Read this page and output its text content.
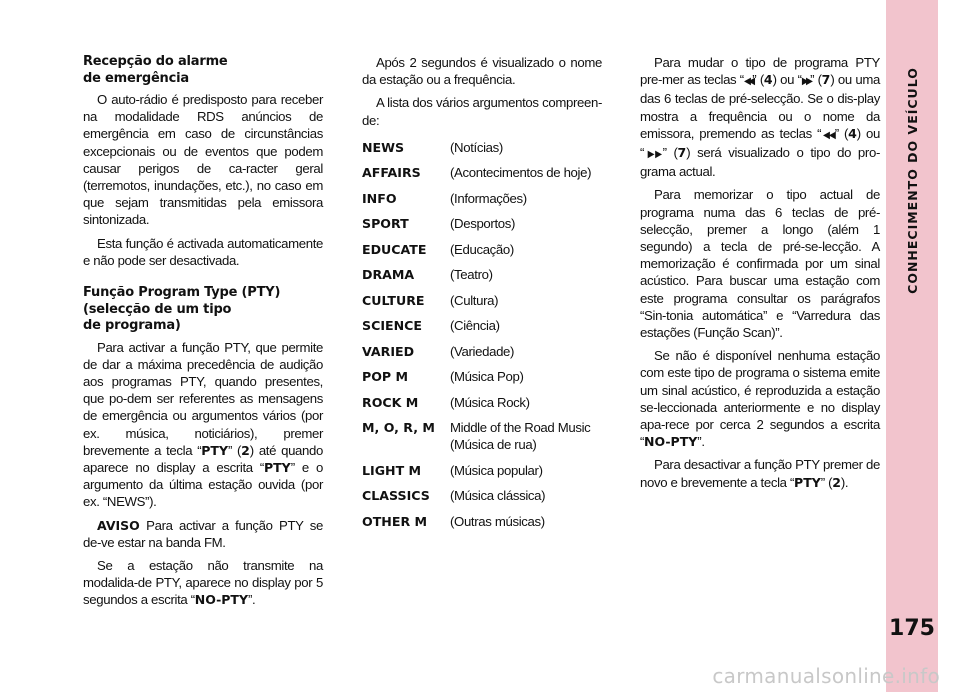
Recepção do alarme
de emergência

O auto-rádio é predisposto para receber na modalidade RDS anúncios de emergência em caso de circunstâncias excepcionais ou de eventos que podem causar perigos de ca-racter geral (terremotos, inundações, etc.), no caso em que sejam transmitidas pela emissora sintonizada.

Esta função é activada automaticamente e não pode ser desactivada.

Função Program Type (PTY)
(selecção de um tipo
de programa)

Para activar a função PTY, que permite de dar a máxima precedência de audição aos programas PTY, quando presentes, que po-dem ser referentes as mensagens de emergência ou argumentos vários (por ex. música, noticiários), premer brevemente a tecla “PTY” (2) até quando aparece no display a escrita “PTY” e o argumento da última estação ouvida (por ex. “NEWS”).

AVISO Para activar a função PTY se de-ve estar na banda FM.

Se a estação não transmite na modalida-de PTY, aparece no display por 5 segundos a escrita “NO-PTY”.

Após 2 segundos é visualizado o nome da estação ou a frequência.

A lista dos vários argumentos compreen-de:

NEWS	(Notícias)
AFFAIRS	(Acontecimentos de hoje)
INFO	(Informações)
SPORT	(Desportos)
EDUCATE	(Educação)
DRAMA	(Teatro)
CULTURE	(Cultura)
SCIENCE	(Ciência)
VARIED	(Variedade)
POP M	(Música Pop)
ROCK M	(Música Rock)
M, O, R, M	Middle of the Road Music (Música de rua)
LIGHT M	(Música popular)
CLASSICS	(Música clássica)
OTHER M	(Outras músicas)

Para mudar o tipo de programa PTY pre-mer as teclas “◀◀” (4) ou “▶▶” (7) ou uma das 6 teclas de pré-selecção. Se o dis-play mostra a frequência ou o nome da emissora, premendo as teclas “◀◀” (4) ou “▶▶” (7) será visualizado o tipo do pro-grama actual.

Para memorizar o tipo actual de programa numa das 6 teclas de pré-selecção, premer a longo (além 1 segundo) a tecla de pré-se-lecção. A memorização é confirmada por um sinal acústico. Para buscar uma estação com este programa consultar os parágrafos “Sin-tonia automática” e “Varredura das estações (Função Scan)”.

Se não é disponível nenhuma estação com este tipo de programa o sistema emite um sinal acústico, é reproduzida a estação se-leccionada anteriormente e no display apa-rece por cerca 2 segundos a escrita “NO-PTY”.

Para desactivar a função PTY premer de novo e brevemente a tecla “PTY” (2).

CONHECIMENTO DO VEÍCULO
175
carmanualsonline.info
